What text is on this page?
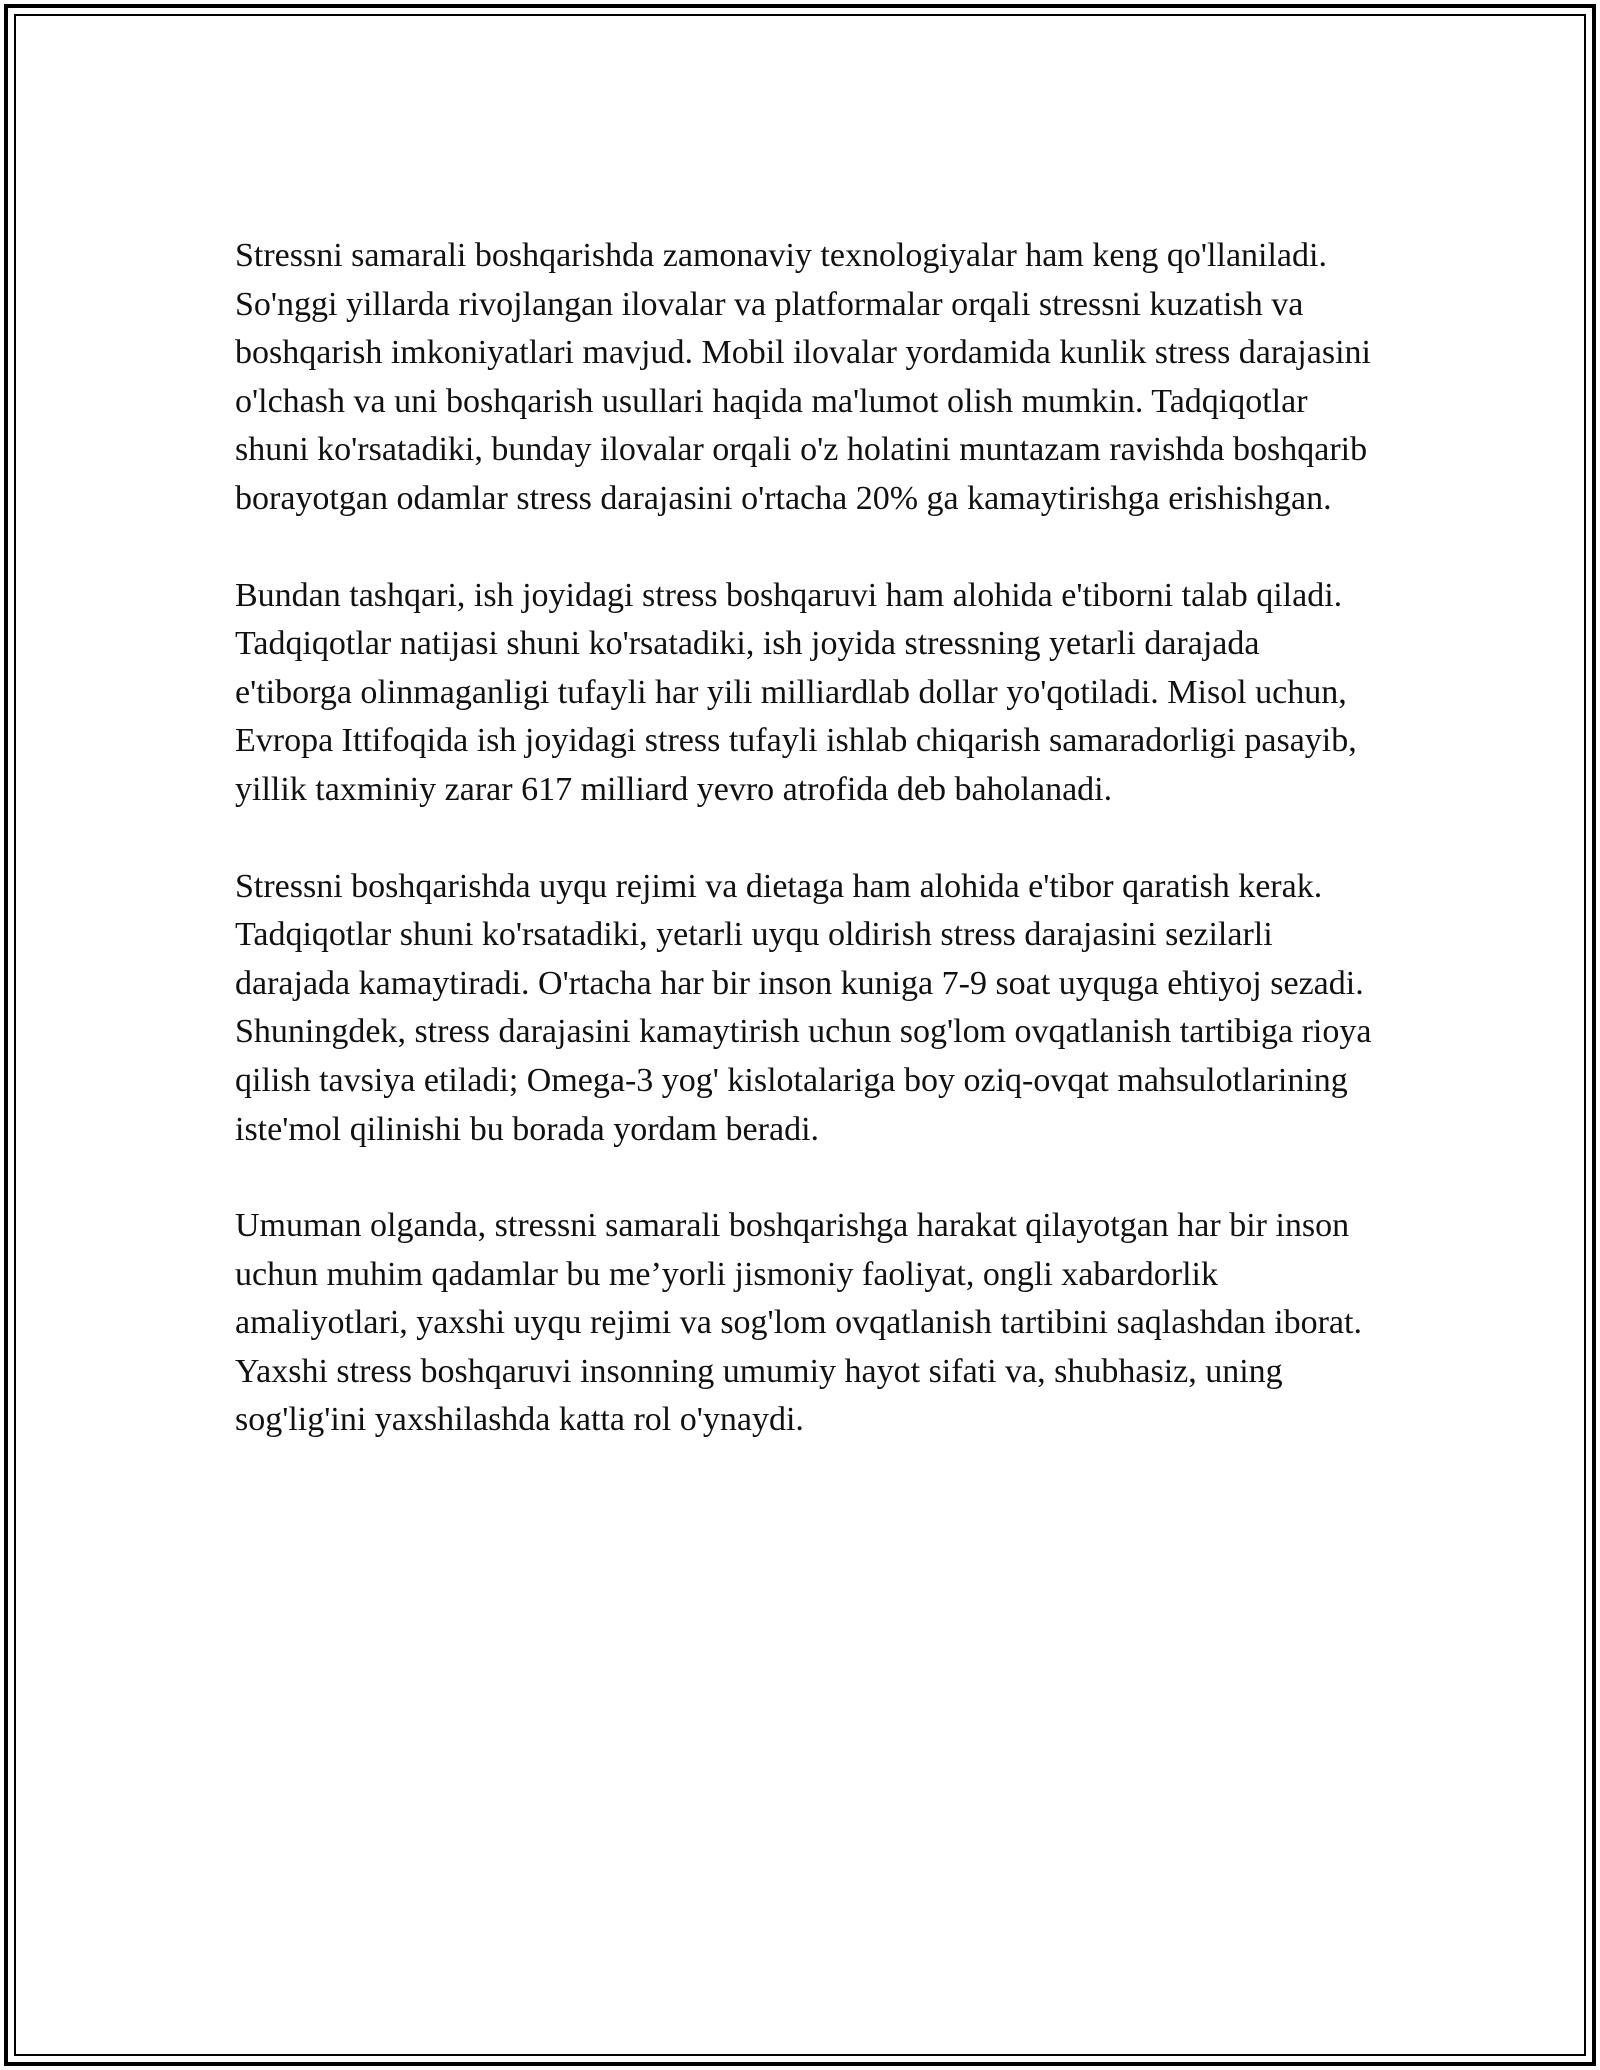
Stressni samarali boshqarishda zamonaviy texnologiyalar ham keng qo'llaniladi. So'nggi yillarda rivojlangan ilovalar va platformalar orqali stressni kuzatish va boshqarish imkoniyatlari mavjud. Mobil ilovalar yordamida kunlik stress darajasini o'lchash va uni boshqarish usullari haqida ma'lumot olish mumkin. Tadqiqotlar shuni ko'rsatadiki, bunday ilovalar orqali o'z holatini muntazam ravishda boshqarib borayotgan odamlar stress darajasini o'rtacha 20% ga kamaytirishga erishishgan.

Bundan tashqari, ish joyidagi stress boshqaruvi ham alohida e'tiborni talab qiladi. Tadqiqotlar natijasi shuni ko'rsatadiki, ish joyida stressning yetarli darajada e'tiborga olinmaganligi tufayli har yili milliardlab dollar yo'qotiladi. Misol uchun, Evropa Ittifoqida ish joyidagi stress tufayli ishlab chiqarish samaradorligi pasayib, yillik taxminiy zarar 617 milliard yevro atrofida deb baholanadi.

Stressni boshqarishda uyqu rejimi va dietaga ham alohida e'tibor qaratish kerak. Tadqiqotlar shuni ko'rsatadiki, yetarli uyqu oldirish stress darajasini sezilarli darajada kamaytiradi. O'rtacha har bir inson kuniga 7-9 soat uyquga ehtiyoj sezadi. Shuningdek, stress darajasini kamaytirish uchun sog'lom ovqatlanish tartibiga rioya qilish tavsiya etiladi; Omega-3 yog' kislotalariga boy oziq-ovqat mahsulotlarining iste'mol qilinishi bu borada yordam beradi.

Umuman olganda, stressni samarali boshqarishga harakat qilayotgan har bir inson uchun muhim qadamlar bu me’yorli jismoniy faoliyat, ongli xabardorlik amaliyotlari, yaxshi uyqu rejimi va sog'lom ovqatlanish tartibini saqlashdan iborat. Yaxshi stress boshqaruvi insonning umumiy hayot sifati va, shubhasiz, uning sog'lig'ini yaxshilashda katta rol o'ynaydi.
